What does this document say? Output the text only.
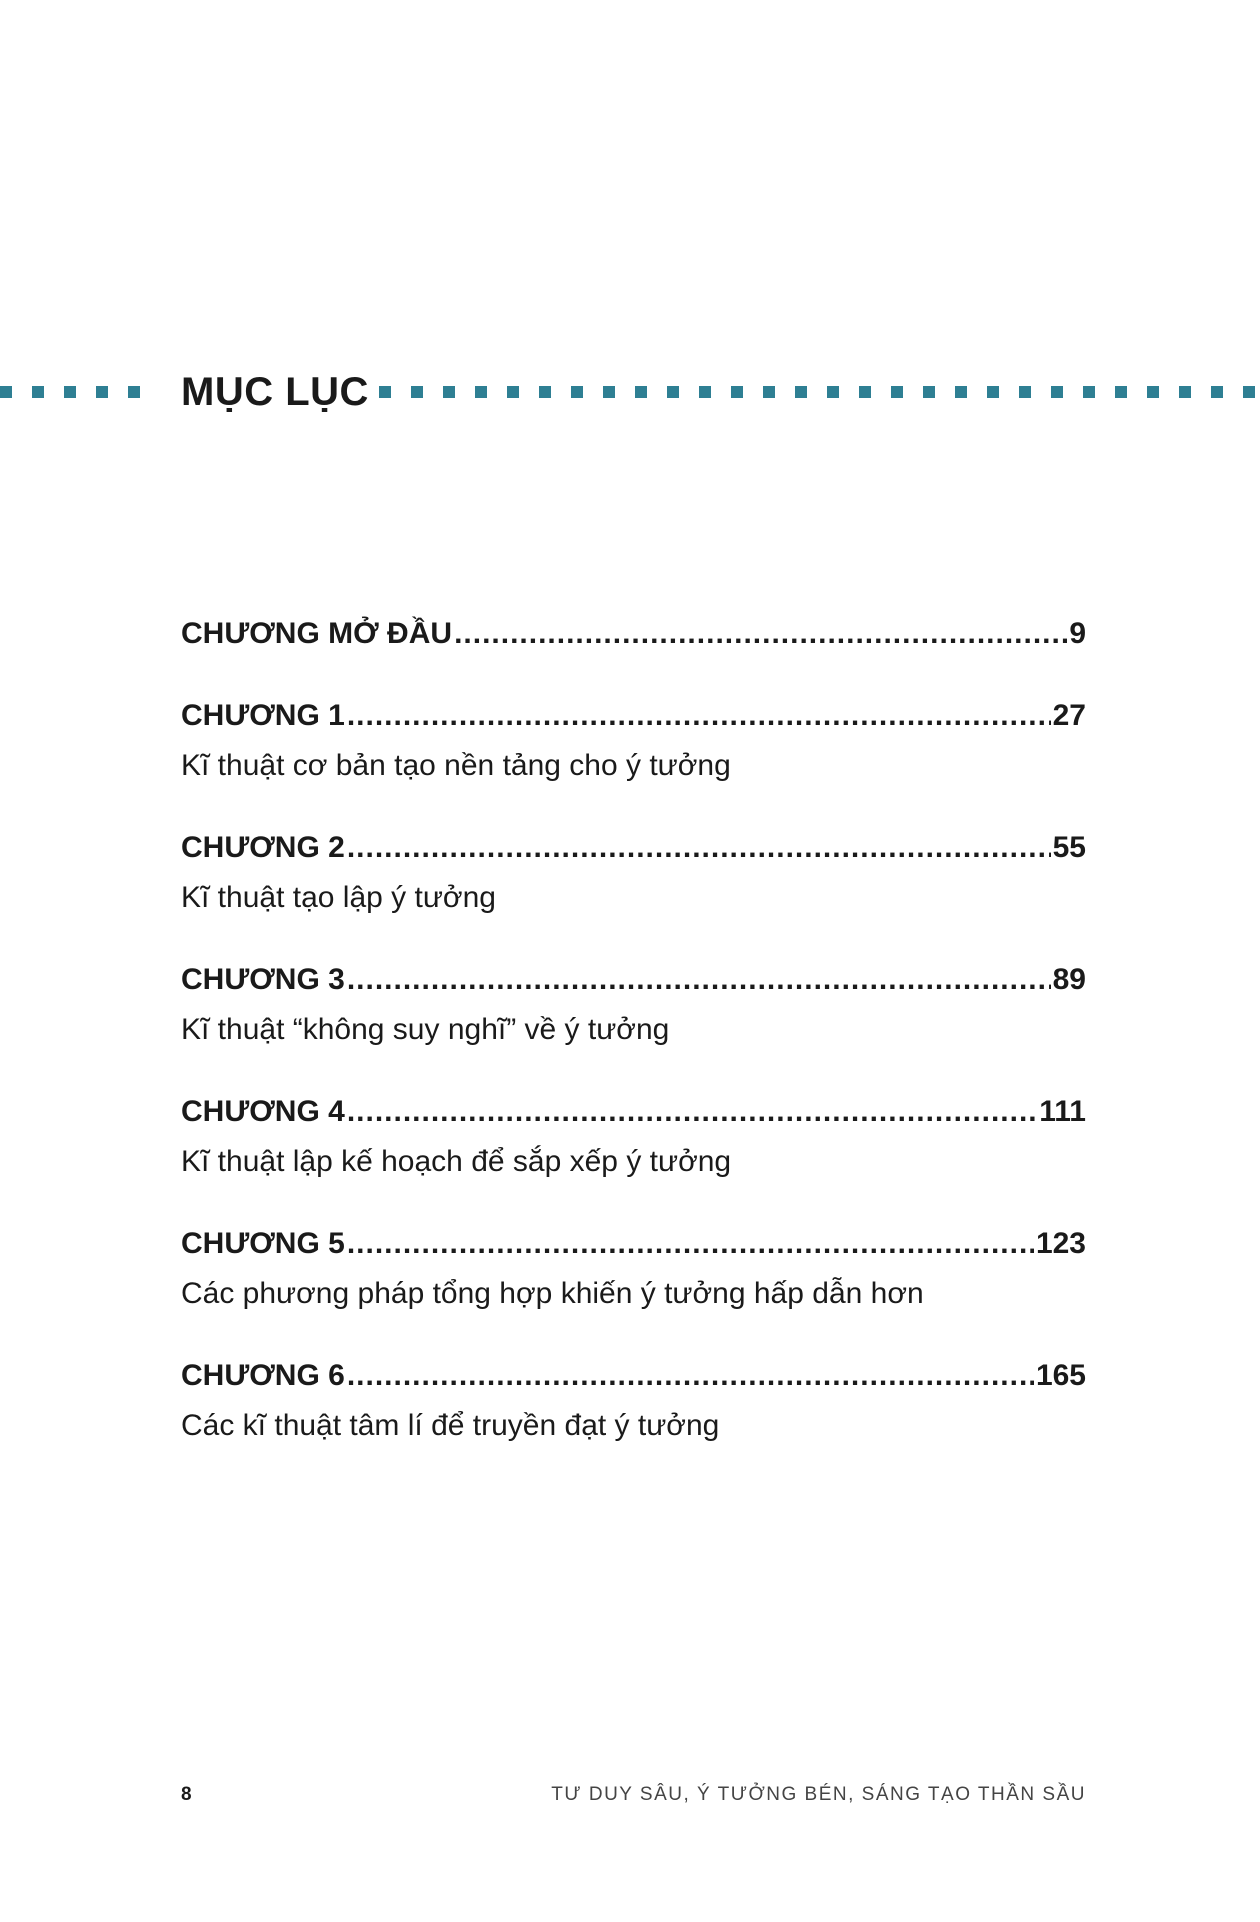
MỤC LỤC
CHƯƠNG MỞ ĐẦU .....	9
CHƯƠNG 1 .....	27
Kĩ thuật cơ bản tạo nền tảng cho ý tưởng
CHƯƠNG 2 .....	55
Kĩ thuật tạo lập ý tưởng
CHƯƠNG 3 .....	89
Kĩ thuật “không suy nghĩ” về ý tưởng
CHƯƠNG 4 .....	111
Kĩ thuật lập kế hoạch để sắp xếp ý tưởng
CHƯƠNG 5 .....	123
Các phương pháp tổng hợp khiến ý tưởng hấp dẫn hơn
CHƯƠNG 6 .....	165
Các kĩ thuật tâm lí để truyền đạt ý tưởng
8	TƯ DUY SÂU, Ý TƯỞNG BÉN, SÁNG TẠO THẦN SẦU
